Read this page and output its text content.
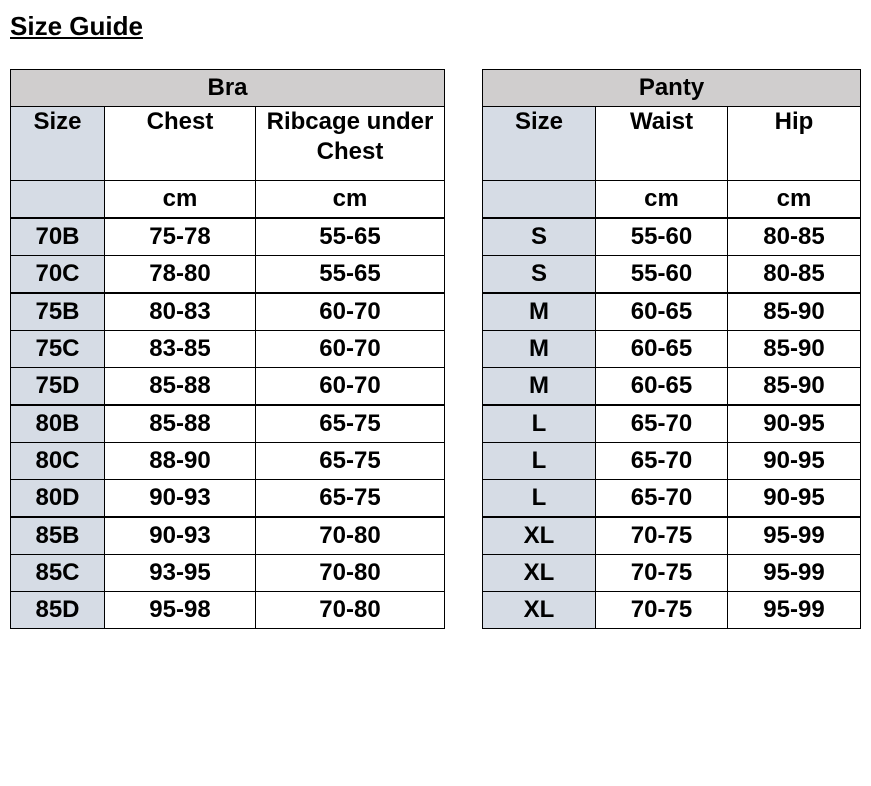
Size Guide
Bra		
Size	Chest	Ribcage under Chest
	cm	cm

70B	75-78	55-65
70C	78-80	55-65

75B	80-83	60-70
75C	83-85	60-70
75D	85-88	60-70

80B	85-88	65-75
80C	88-90	65-75
80D	90-93	65-75

85B	90-93	70-80
85C	93-95	70-80
85D	95-98	70-80
Panty		
Size	Waist	Hip
	cm	cm

S	55-60	80-85
S	55-60	80-85

M	60-65	85-90
M	60-65	85-90
M	60-65	85-90

L	65-70	90-95
L	65-70	90-95
L	65-70	90-95

XL	70-75	95-99
XL	70-75	95-99
XL	70-75	95-99
